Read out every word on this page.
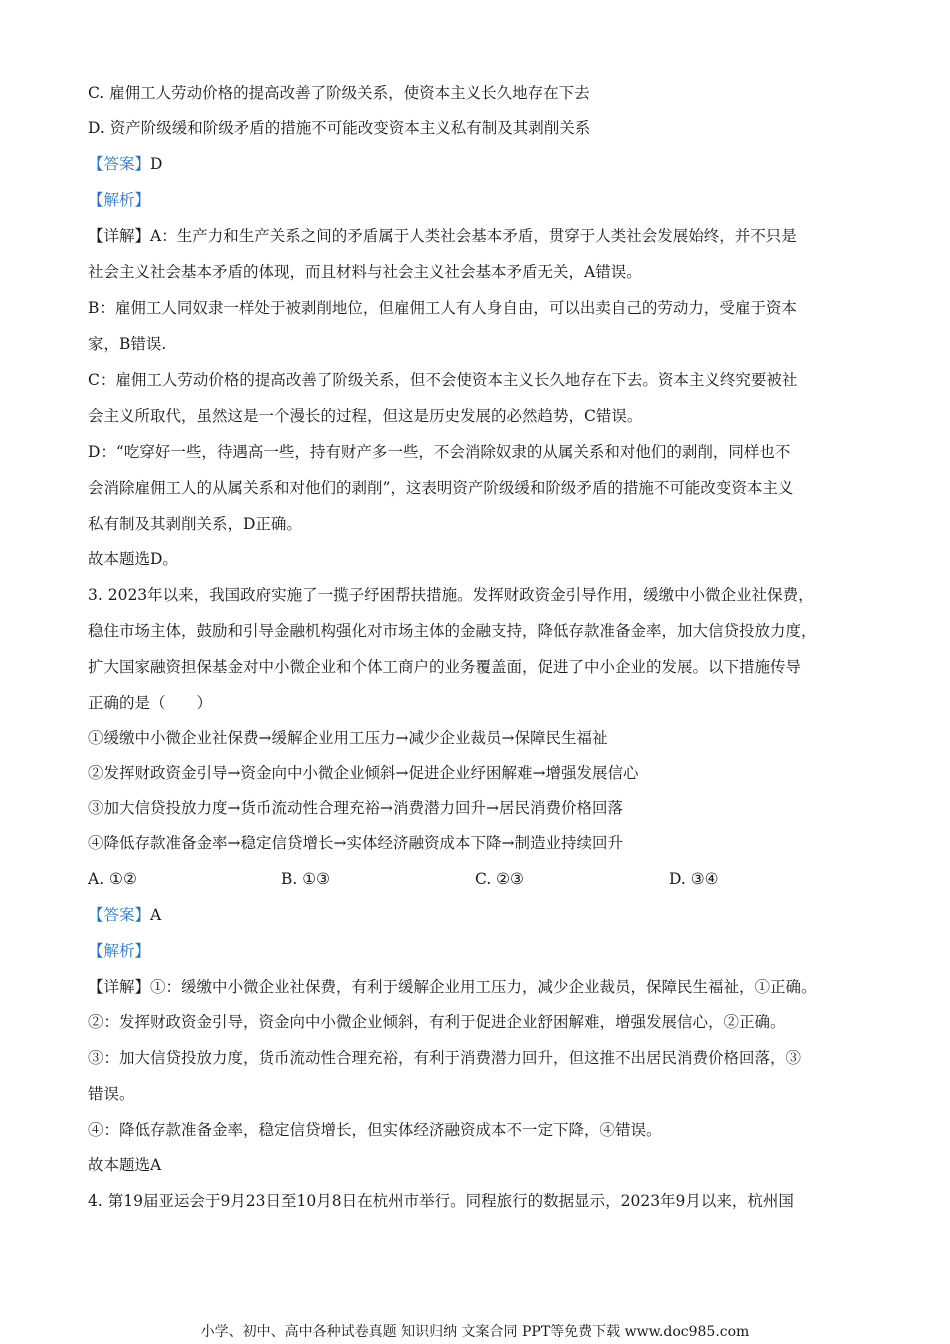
C. 雇佣工人劳动价格的提高改善了阶级关系，使资本主义长久地存在下去

D. 资产阶级缓和阶级矛盾的措施不可能改变资本主义私有制及其剥削关系

【答案】D

【解析】

【详解】A：生产力和生产关系之间的矛盾属于人类社会基本矛盾，贯穿于人类社会发展始终，并不只是

社会主义社会基本矛盾的体现，而且材料与社会主义社会基本矛盾无关，A错误。

B：雇佣工人同奴隶一样处于被剥削地位，但雇佣工人有人身自由，可以出卖自己的劳动力，受雇于资本

家，B错误.

C：雇佣工人劳动价格的提高改善了阶级关系，但不会使资本主义长久地存在下去。资本主义终究要被社

会主义所取代，虽然这是一个漫长的过程，但这是历史发展的必然趋势，C错误。

D：“吃穿好一些，待遇高一些，持有财产多一些，不会消除奴隶的从属关系和对他们的剥削，同样也不

会消除雇佣工人的从属关系和对他们的剥削”，这表明资产阶级缓和阶级矛盾的措施不可能改变资本主义

私有制及其剥削关系，D正确。

故本题选D。

3. 2023年以来，我国政府实施了一揽子纾困帮扶措施。发挥财政资金引导作用，缓缴中小微企业社保费，

稳住市场主体，鼓励和引导金融机构强化对市场主体的金融支持，降低存款准备金率，加大信贷投放力度，

扩大国家融资担保基金对中小微企业和个体工商户的业务覆盖面，促进了中小企业的发展。以下措施传导

正确的是（　　）

①缓缴中小微企业社保费→缓解企业用工压力→减少企业裁员→保障民生福祉

②发挥财政资金引导→资金向中小微企业倾斜→促进企业纾困解难→增强发展信心

③加大信贷投放力度→货币流动性合理充裕→消费潜力回升→居民消费价格回落

④降低存款准备金率→稳定信贷增长→实体经济融资成本下降→制造业持续回升

A. ①②	B. ①③	C. ②③	D. ③④

【答案】A

【解析】

【详解】①：缓缴中小微企业社保费，有利于缓解企业用工压力，减少企业裁员，保障民生福祉，①正确。

②：发挥财政资金引导，资金向中小微企业倾斜，有利于促进企业舒困解难，增强发展信心，②正确。

③：加大信贷投放力度，货币流动性合理充裕，有利于消费潜力回升，但这推不出居民消费价格回落，③

错误。

④：降低存款准备金率，稳定信贷增长，但实体经济融资成本不一定下降，④错误。

故本题选A

4. 第19届亚运会于9月23日至10月8日在杭州市举行。同程旅行的数据显示，2023年9月以来，杭州国

小学、初中、高中各种试卷真题 知识归纳 文案合同 PPT等免费下载 www.doc985.com
